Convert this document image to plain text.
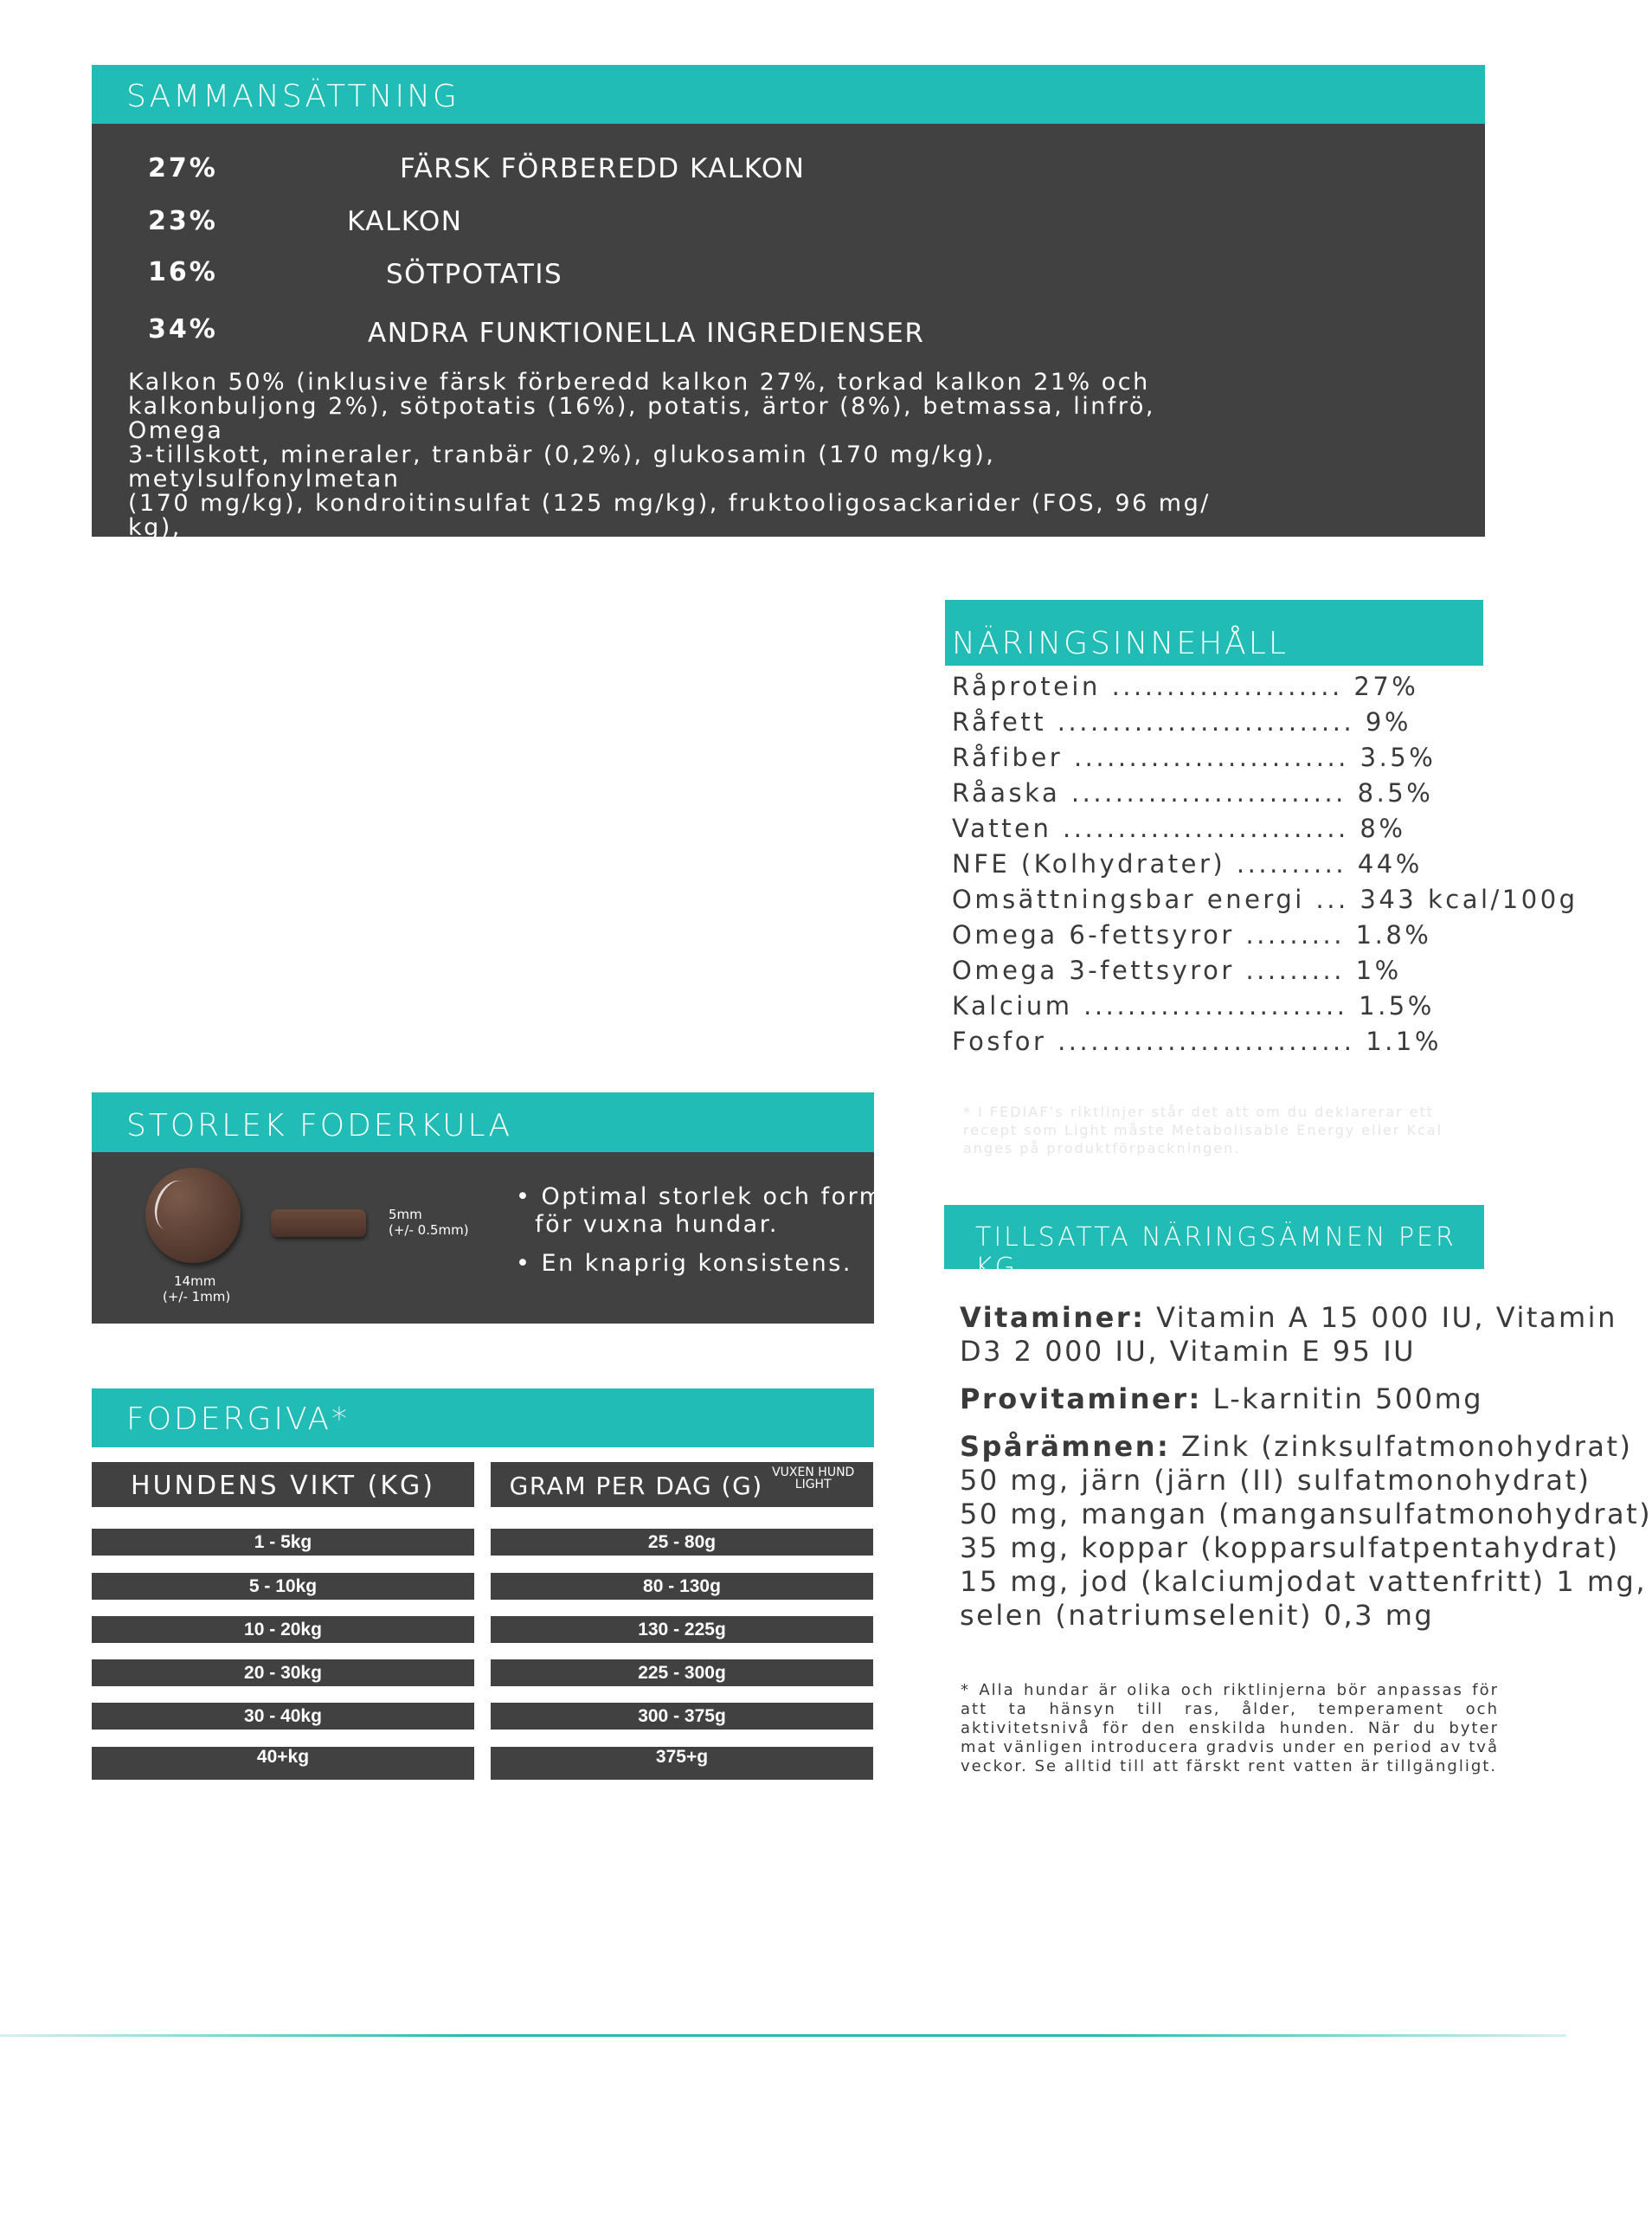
SAMMANSÄTTNING
27%	FÄRSK FÖRBEREDD KALKON
23%	KALKON
16%	SÖTPOTATIS
34%	ANDRA FUNKTIONELLA INGREDIENSER
Kalkon 50% (inklusive färsk förberedd kalkon 27%, torkad kalkon 21% och
kalkonbuljong 2%), sötpotatis (16%), potatis, ärtor (8%), betmassa, linfrö, Omega
3-tillskott, mineraler, tranbär (0,2%), glukosamin (170 mg/kg), metylsulfonylmetan
(170 mg/kg), kondroitinsulfat (125 mg/kg), fruktooligosackarider (FOS, 96 mg/ kg),
mannanoligosackarider (MOS, 24 mg/kg)
NÄRINGSINNEHÅLL
Råprotein ..................... 27%
Råfett ........................... 9%
Råfiber ......................... 3.5%
Råaska ......................... 8.5%
Vatten .......................... 8%
NFE (Kolhydrater) .......... 44%
Omsättningsbar energi ... 343 kcal/100g
Omega 6-fettsyror ......... 1.8%
Omega 3-fettsyror ......... 1%
Kalcium ........................ 1.5%
Fosfor ........................... 1.1%
* I FEDIAF’s riktlinjer står det att om du deklarerar ett
recept som Light måste Metabolisable Energy eller Kcal
anges på produktförpackningen.
STORLEK FODERKULA
14mm
(+/- 1mm)
5mm
(+/- 0.5mm)
• Optimal storlek och form
för vuxna hundar.
• En knaprig konsistens.
FODERGIVA*
HUNDENS VIKT (KG)	GRAM PER DAG (G) VUXEN HUND
LIGHT
1 - 5kg	25 - 80g
5 - 10kg	80 - 130g
10 - 20kg	130 - 225g
20 - 30kg	225 - 300g
30 - 40kg	300 - 375g
40+kg	375+g
TILLSATTA NÄRINGSÄMNEN PER KG
Vitaminer: Vitamin A 15 000 IU, Vitamin
D3 2 000 IU, Vitamin E 95 IU
Provitaminer: L-karnitin 500mg
Spårämnen: Zink (zinksulfatmonohydrat)
50 mg, järn (järn (II) sulfatmonohydrat)
50 mg, mangan (mangansulfatmonohydrat)
35 mg, koppar (kopparsulfatpentahydrat)
15 mg, jod (kalciumjodat vattenfritt) 1 mg,
selen (natriumselenit) 0,3 mg
* Alla hundar är olika och riktlinjerna bör anpassas för att ta hänsyn till ras, ålder, temperament och aktivitetsnivå för den enskilda hunden. När du byter mat vänligen introducera gradvis under en period av två veckor. Se alltid till att färskt rent vatten är tillgängligt.
